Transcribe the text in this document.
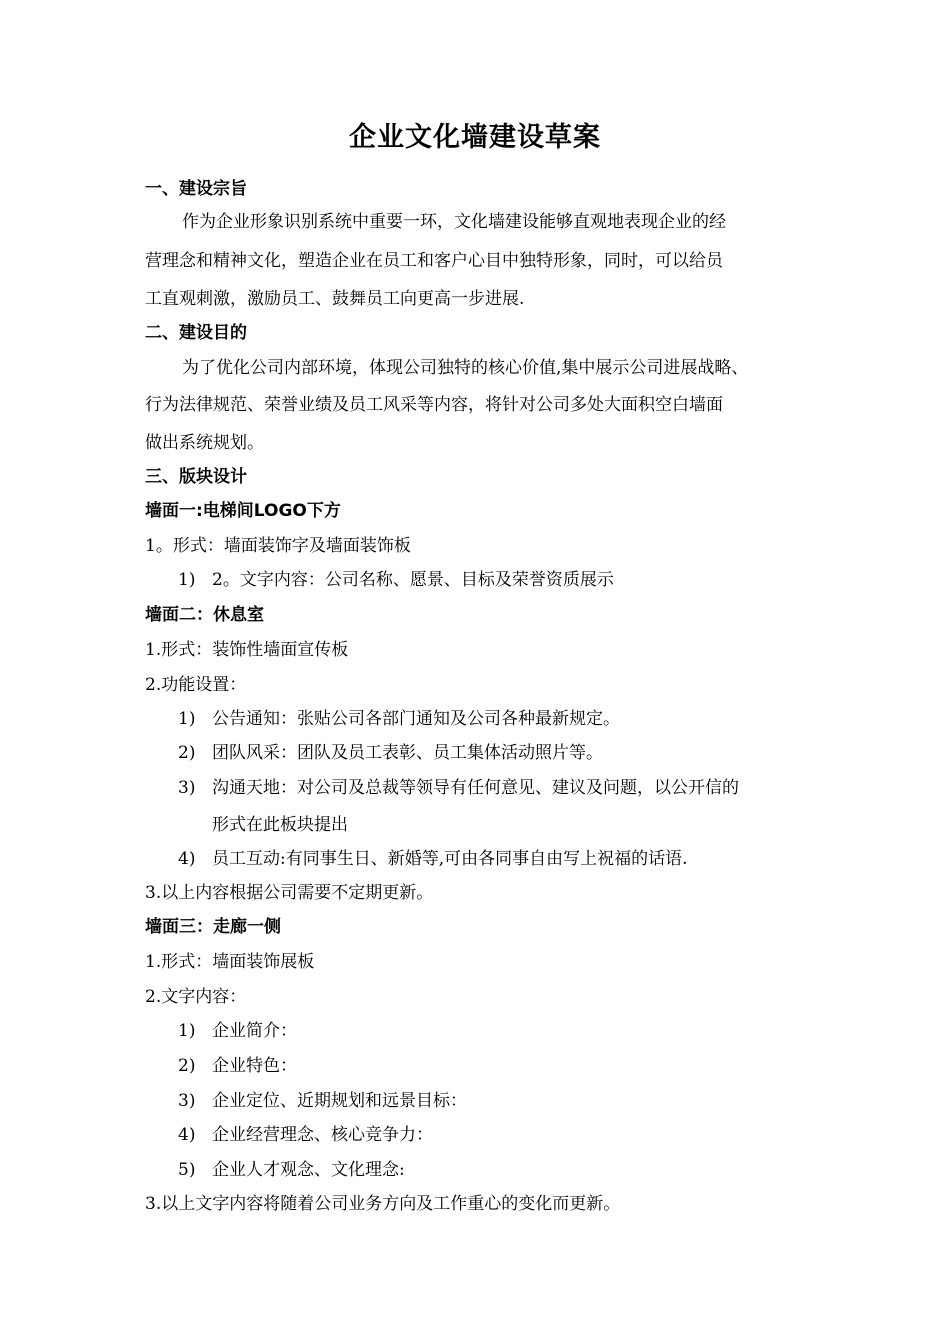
企业文化墙建设草案
一、建设宗旨
作为企业形象识别系统中重要一环，文化墙建设能够直观地表现企业的经
营理念和精神文化，塑造企业在员工和客户心目中独特形象，同时，可以给员
工直观刺激，激励员工、鼓舞员工向更高一步进展.
二、建设目的
为了优化公司内部环境，体现公司独特的核心价值,集中展示公司进展战略、
行为法律规范、荣誉业绩及员工风采等内容，将针对公司多处大面积空白墙面
做出系统规划。
三、版块设计
墙面一:电梯间LOGO下方
1。形式：墙面装饰字及墙面装饰板
1) 2。文字内容：公司名称、愿景、目标及荣誉资质展示
墙面二：休息室
1.形式：装饰性墙面宣传板
2.功能设置：
1) 公告通知：张贴公司各部门通知及公司各种最新规定。
2) 团队风采：团队及员工表彰、员工集体活动照片等。
3) 沟通天地：对公司及总裁等领导有任何意见、建议及问题，以公开信的
形式在此板块提出
4) 员工互动:有同事生日、新婚等,可由各同事自由写上祝福的话语.
3.以上内容根据公司需要不定期更新。
墙面三：走廊一侧
1.形式：墙面装饰展板
2.文字内容：
1) 企业简介：
2) 企业特色：
3) 企业定位、近期规划和远景目标：
4) 企业经营理念、核心竞争力：
5) 企业人才观念、文化理念:
3.以上文字内容将随着公司业务方向及工作重心的变化而更新。
